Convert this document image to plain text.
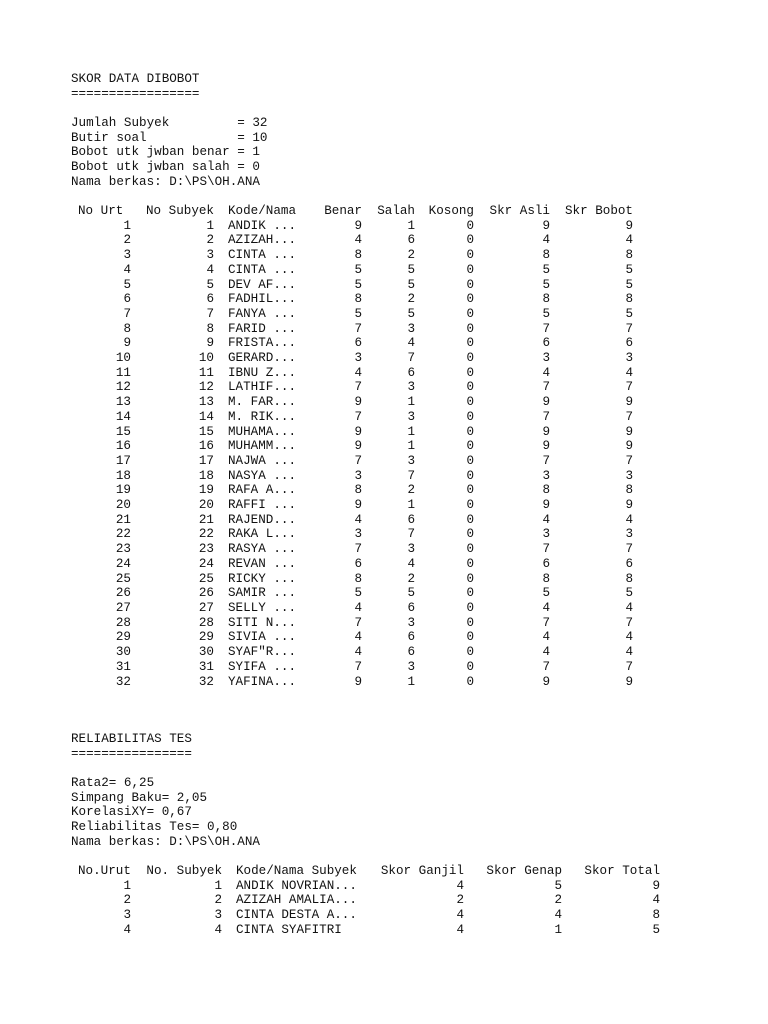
SKOR DATA DIBOBOT
=================
Jumlah Subyek         = 32
Butir soal            = 10
Bobot utk jwban benar = 1
Bobot utk jwban salah = 0
Nama berkas: D:\PS\OH.ANA
No Urt	No Subyek	Kode/Nama	Benar	Salah	Kosong	Skr Asli	Skr Bobot
1	1	ANDIK ...	9	1	0	9	9
2	2	AZIZAH...	4	6	0	4	4
3	3	CINTA ...	8	2	0	8	8
4	4	CINTA ...	5	5	0	5	5
5	5	DEV AF...	5	5	0	5	5
6	6	FADHIL...	8	2	0	8	8
7	7	FANYA ...	5	5	0	5	5
8	8	FARID ...	7	3	0	7	7
9	9	FRISTA...	6	4	0	6	6
10	10	GERARD...	3	7	0	3	3
11	11	IBNU Z...	4	6	0	4	4
12	12	LATHIF...	7	3	0	7	7
13	13	M. FAR...	9	1	0	9	9
14	14	M. RIK...	7	3	0	7	7
15	15	MUHAMA...	9	1	0	9	9
16	16	MUHAMM...	9	1	0	9	9
17	17	NAJWA ...	7	3	0	7	7
18	18	NASYA ...	3	7	0	3	3
19	19	RAFA A...	8	2	0	8	8
20	20	RAFFI ...	9	1	0	9	9
21	21	RAJEND...	4	6	0	4	4
22	22	RAKA L...	3	7	0	3	3
23	23	RASYA ...	7	3	0	7	7
24	24	REVAN ...	6	4	0	6	6
25	25	RICKY ...	8	2	0	8	8
26	26	SAMIR ...	5	5	0	5	5
27	27	SELLY ...	4	6	0	4	4
28	28	SITI N...	7	3	0	7	7
29	29	SIVIA ...	4	6	0	4	4
30	30	SYAF"R...	4	6	0	4	4
31	31	SYIFA ...	7	3	0	7	7
32	32	YAFINA...	9	1	0	9	9
RELIABILITAS TES
================
Rata2= 6,25
Simpang Baku= 2,05
KorelasiXY= 0,67
Reliabilitas Tes= 0,80
Nama berkas: D:\PS\OH.ANA
No.Urut	No. Subyek	Kode/Nama Subyek	Skor Ganjil	Skor Genap	Skor Total
1	1	ANDIK NOVRIAN...	4	5	9
2	2	AZIZAH AMALIA...	2	2	4
3	3	CINTA DESTA A...	4	4	8
4	4	CINTA SYAFITRI	4	1	5
